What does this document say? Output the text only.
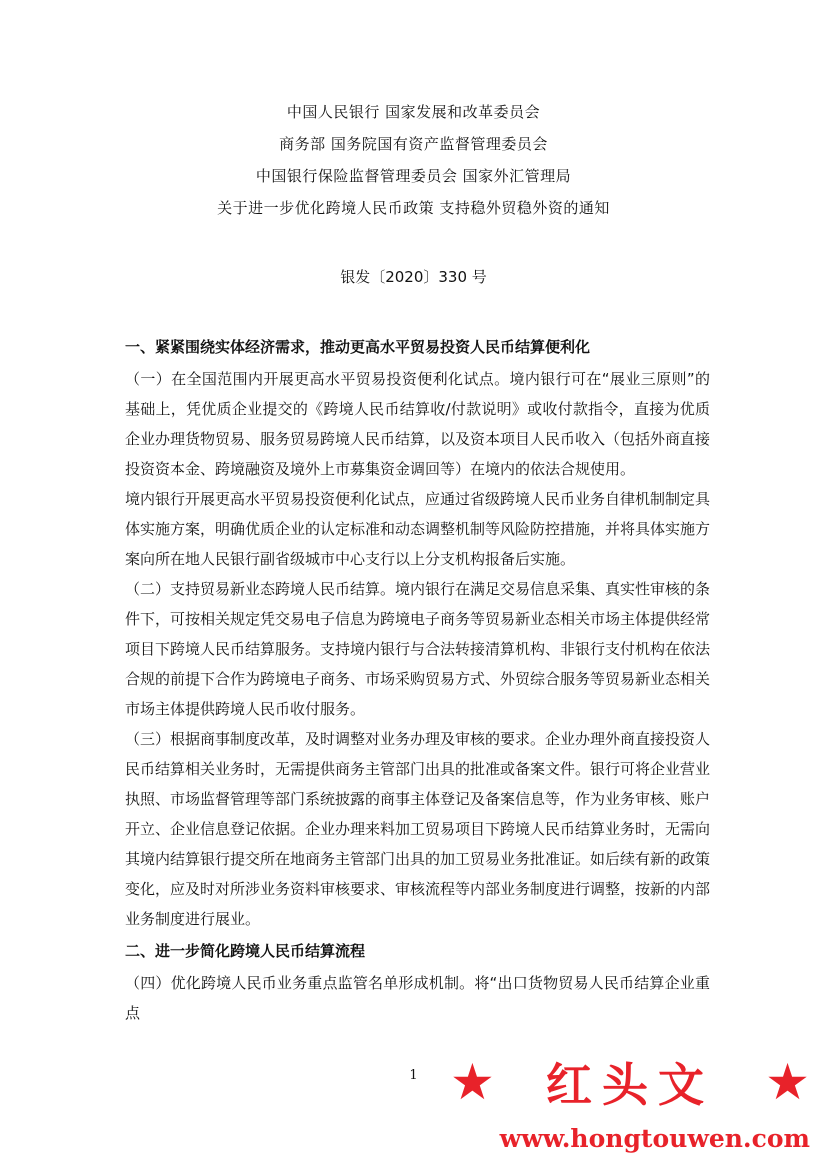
中国人民银行 国家发展和改革委员会
商务部 国务院国有资产监督管理委员会
中国银行保险监督管理委员会 国家外汇管理局
关于进一步优化跨境人民币政策 支持稳外贸稳外资的通知
银发〔2020〕330 号
一、紧紧围绕实体经济需求，推动更高水平贸易投资人民币结算便利化

（一）在全国范围内开展更高水平贸易投资便利化试点。境内银行可在“展业三原则”的基础上，凭优质企业提交的《跨境人民币结算收/付款说明》或收付款指令，直接为优质企业办理货物贸易、服务贸易跨境人民币结算，以及资本项目人民币收入（包括外商直接投资资本金、跨境融资及境外上市募集资金调回等）在境内的依法合规使用。

境内银行开展更高水平贸易投资便利化试点，应通过省级跨境人民币业务自律机制制定具体实施方案，明确优质企业的认定标准和动态调整机制等风险防控措施，并将具体实施方案向所在地人民银行副省级城市中心支行以上分支机构报备后实施。

（二）支持贸易新业态跨境人民币结算。境内银行在满足交易信息采集、真实性审核的条件下，可按相关规定凭交易电子信息为跨境电子商务等贸易新业态相关市场主体提供经常项目下跨境人民币结算服务。支持境内银行与合法转接清算机构、非银行支付机构在依法合规的前提下合作为跨境电子商务、市场采购贸易方式、外贸综合服务等贸易新业态相关市场主体提供跨境人民币收付服务。

（三）根据商事制度改革，及时调整对业务办理及审核的要求。企业办理外商直接投资人民币结算相关业务时，无需提供商务主管部门出具的批准或备案文件。银行可将企业营业执照、市场监督管理等部门系统披露的商事主体登记及备案信息等，作为业务审核、账户开立、企业信息登记依据。企业办理来料加工贸易项目下跨境人民币结算业务时，无需向其境内结算银行提交所在地商务主管部门出具的加工贸易业务批准证。如后续有新的政策变化，应及时对所涉业务资料审核要求、审核流程等内部业务制度进行调整，按新的内部业务制度进行展业。

二、进一步简化跨境人民币结算流程

（四）优化跨境人民币业务重点监管名单形成机制。将“出口货物贸易人民币结算企业重点

1 ★ 红头文 ★
www.hongtouwen.com
